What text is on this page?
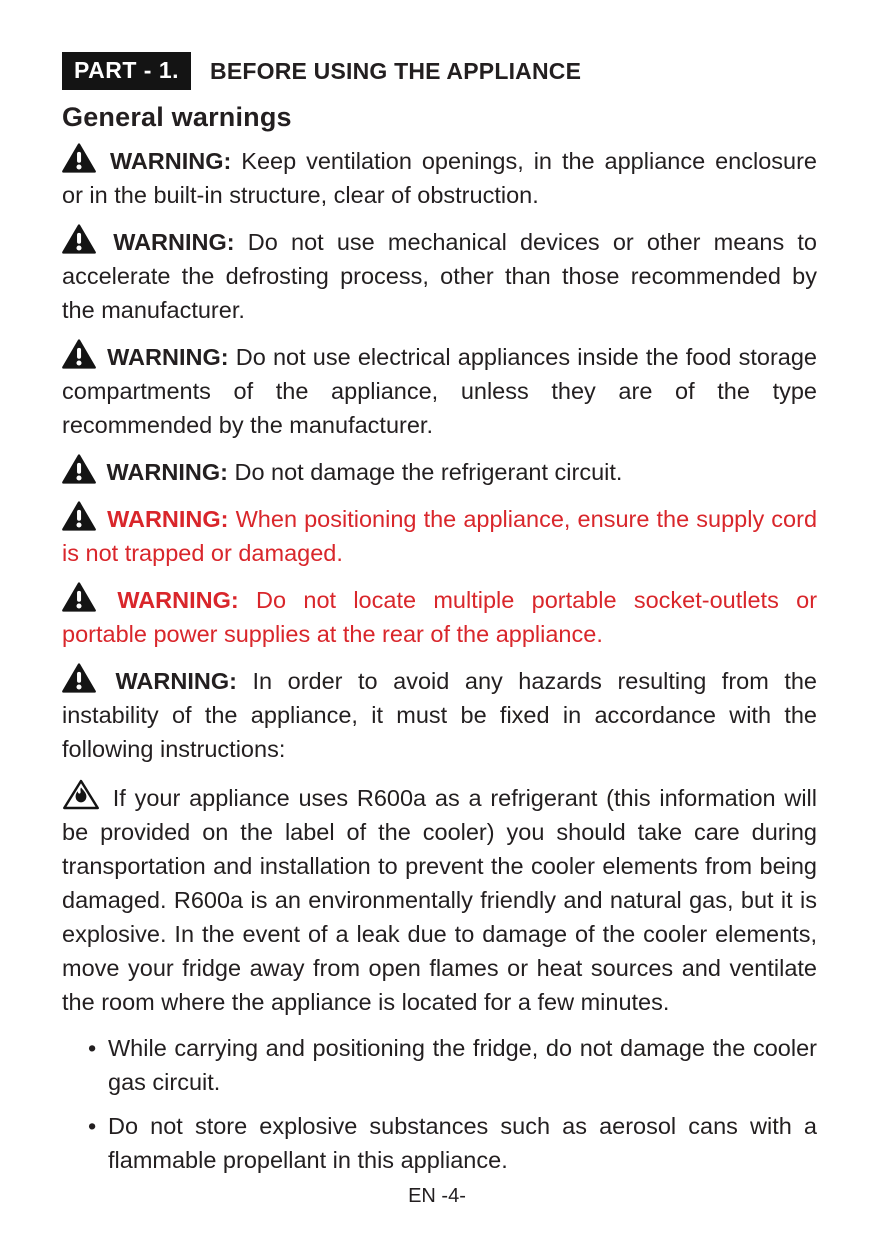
PART - 1.	BEFORE USING THE APPLIANCE
General warnings

WARNING: Keep ventilation openings, in the appliance enclosure or in the built-in structure, clear of obstruction.

WARNING: Do not use mechanical devices or other means to accelerate the defrosting process, other than those recommended by the manufacturer.

WARNING: Do not use electrical appliances inside the food storage compartments of the appliance, unless they are of the type recommended by the manufacturer.

WARNING: Do not damage the refrigerant circuit.

WARNING: When positioning the appliance, ensure the supply cord is not trapped or damaged.

WARNING: Do not locate multiple portable socket-outlets or portable power supplies at the rear of the appliance.

WARNING: In order to avoid any hazards resulting from the instability of the appliance, it must be fixed in accordance with the following instructions:

If your appliance uses R600a as a refrigerant (this information will be provided on the label of the cooler) you should take care during transportation and installation to prevent the cooler elements from being damaged. R600a is an environmentally friendly and natural gas, but it is explosive. In the event of a leak due to damage of the cooler elements, move your fridge away from open flames or heat sources and ventilate the room where the appliance is located for a few minutes.

• While carrying and positioning the fridge, do not damage the cooler gas circuit.
• Do not store explosive substances such as aerosol cans with a flammable propellant in this appliance.
EN -4-
